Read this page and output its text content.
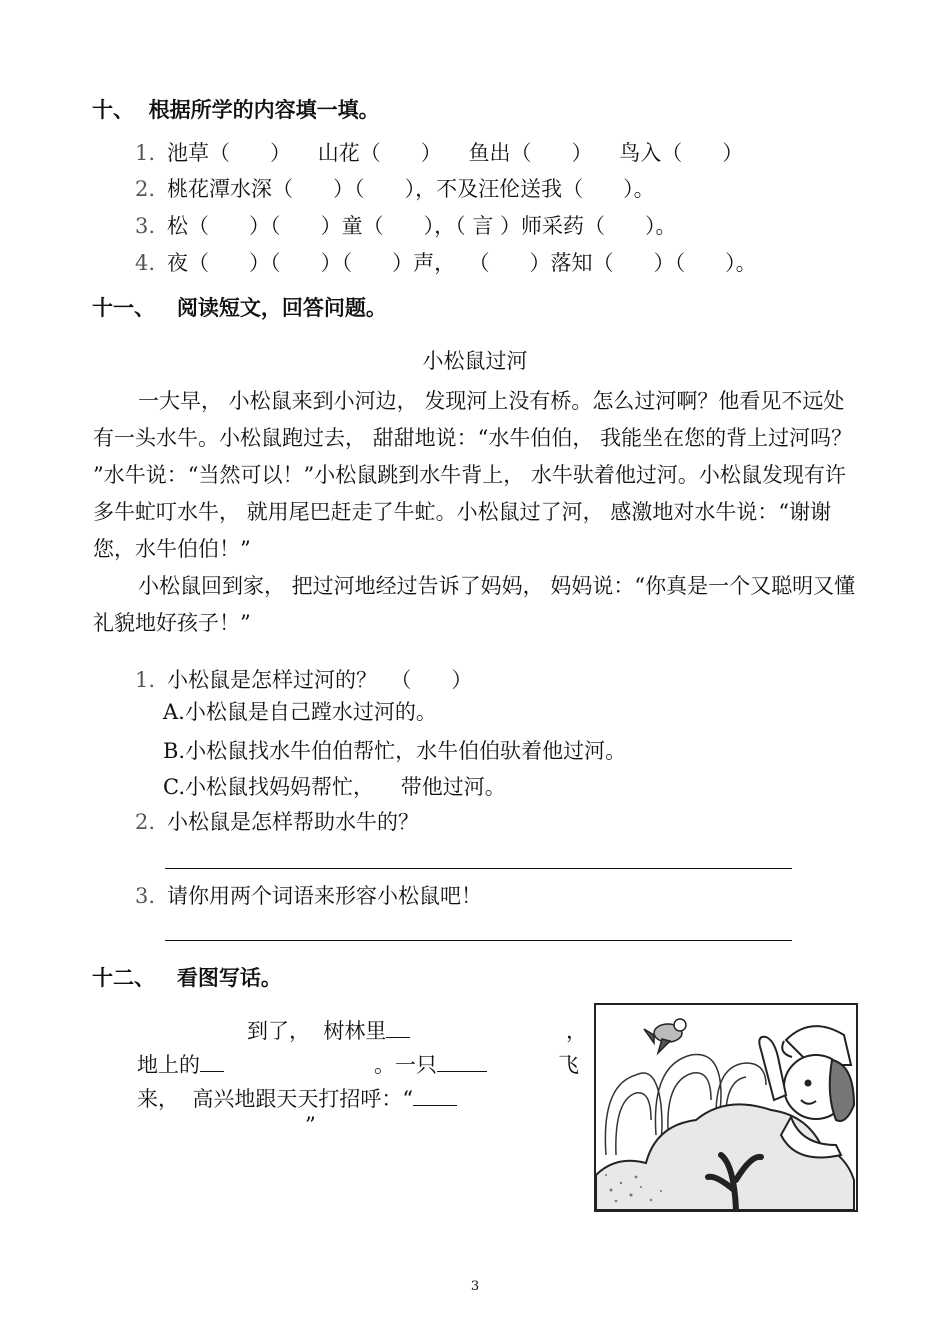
十、  根据所学的内容填一填。
1. 池草（      ）    山花（      ）    鱼出（      ）    鸟入（      ）
2. 桃花潭水深（      ）（      ），不及汪伦送我（      ）。
3. 松（      ）（      ）童（      ），（ 言 ）师采药（      ）。
4. 夜（      ）（      ）（      ）声，  （      ）落知（      ）（      ）。
十一、   阅读短文，回答问题。
小松鼠过河
一大早， 小松鼠来到小河边， 发现河上没有桥。怎么过河啊？他看见不远处有一头水牛。小松鼠跑过去， 甜甜地说：“水牛伯伯， 我能坐在您的背上过河吗？ ”水牛说：“当然可以！”小松鼠跳到水牛背上， 水牛驮着他过河。小松鼠发现有许多牛虻叮水牛， 就用尾巴赶走了牛虻。小松鼠过了河， 感激地对水牛说：“谢谢您，水牛伯伯！”
小松鼠回到家， 把过河地经过告诉了妈妈， 妈妈说：“你真是一个又聪明又懂礼貌地好孩子！”
1. 小松鼠是怎样过河的？  （      ）
A.小松鼠是自己蹚水过河的。
B.小松鼠找水牛伯伯帮忙，水牛伯伯驮着他过河。
C.小松鼠找妈妈帮忙，    带他过河。
2. 小松鼠是怎样帮助水牛的？
3. 请你用两个词语来形容小松鼠吧！
十二、   看图写话。
到了，  树林里	，
地上的	。一只	飞
来，  高兴地跟天天打招呼：“
”
3
